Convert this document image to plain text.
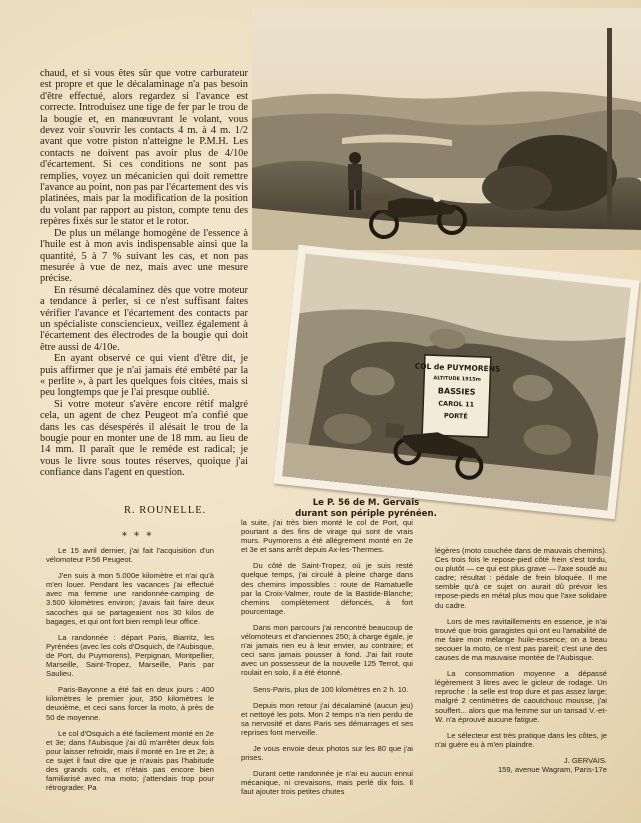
chaud, et si vous êtes sûr que votre carburateur est propre et que le décalaminage n'a pas besoin d'être effectué, alors regardez si l'avance est correcte. Introduisez une tige de fer par le trou de la bougie et, en manœuvrant le volant, vous devez voir s'ouvrir les contacts 4 m. à 4 m. 1/2 avant que votre piston n'atteigne le P.M.H. Les contacts ne doivent pas avoir plus de 4/10e d'écartement. Si ces conditions ne sont pas remplies, voyez un mécanicien qui doit remettre l'avance au point, non pas par l'écartement des vis platinées, mais par la modification de la position du volant par rapport au piston, compte tenu des repères fixés sur le stator et le rotor.

De plus un mélange homogène de l'essence à l'huile est à mon avis indispensable ainsi que la quantité, 5 à 7 % suivant les cas, et non pas mesurée à vue de nez, mais avec une mesure précise.

En résumé décalaminez dès que votre moteur a tendance à perler, si ce n'est suffisant faites vérifier l'avance et l'écartement des contacts par un spécialiste consciencieux, veillez également à l'écartement des électrodes de la bougie qui doit être aussi de 4/10e.

En ayant observé ce qui vient d'être dit, je puis affirmer que je n'ai jamais été embêté par la « perlite », à part les quelques fois citées, mais si peu longtemps que je l'ai presque oublié.

Si votre moteur s'avère encore rétif malgré cela, un agent de chez Peugeot m'a confié que dans les cas désespérés il alésait le trou de la bougie pour en monter une de 18 mm. au lieu de 14 mm. Il paraît que le remède est radical; je vous le livre sous toutes réserves, quoique j'ai confiance dans l'agent en question.

R. ROUNELLE.
COL de PUYMORENS
ALTITUDE 1915m
BASSIES
CAROL 11
PORTÉ
Le P. 56 de M. Gervais
durant son périple pyrénéen.
* * *

Le 15 avril dernier, j'ai fait l'acquisition d'un vélomoteur P.56 Peugeot.

J'en suis à mon 5.000e kilomètre et n'ai qu'à m'en louer. Pendant les vacances j'ai effectué avec ma femme une randonnée-camping de 3.500 kilomètres environ; j'avais fait faire deux sacoches qui se partageaient nos 30 kilos de bagages, et qui ont fort bien rempli leur office.

La randonnée : départ Paris, Biarritz, les Pyrénées (avec les cols d'Osquich, de l'Aubisque, de Port, du Puymorens), Perpignan, Montpellier, Marseille, Saint-Tropez, Marseille, Paris par Saulieu.

Paris-Bayonne a été fait en deux jours : 400 kilomètres le premier jour, 350 kilomètres le deuxième, et ceci sans forcer la moto, à près de 50 de moyenne.

Le col d'Osquich a été facilement monté en 2e et 3e; dans l'Aubisque j'ai dû m'arrêter deux fois pour laisser refroidir, mais il monté en 1re et 2e; à ce sujet il faut dire que je n'avais pas l'habitude des grands cols, et n'étais pas encore bien familiarisé avec ma moto; j'attendais trop pour rétrograder. Pa

la suite, j'ai très bien monté le col de Port, qui pourtant a des fins de virage qui sont de vrais murs. Puymorens a été allégrement monté en 2e et 3e et sans arrêt depuis Ax-les-Thermes.

Du côté de Saint-Tropez, où je suis resté quelque temps, j'ai circulé à pleine charge dans des chemins impossibles : route de Ramatuelle par la Croix-Valmer, route de la Bastide-Blanche; chemins complètement défoncés, à fort pourcentage.

Dans mon parcours j'ai rencontré beaucoup de vélomoteurs et d'anciennes 250; à charge égale, je n'ai jamais rien eu à leur envier, au contraire; et ceci sans jamais pousser à fond. J'ai fait route avec un possesseur de la nouvelle 125 Terrot, qui roulait en solo, il a été étonné.

Sens-Paris, plus de 100 kilomètres en 2 h. 10.

Depuis mon retour j'ai décalaminé (aucun jeu) et nettoyé les pots. Mon 2 temps n'a rien perdu de sa nervosité et dans Paris ses démarrages et ses reprises font merveille.

Je vous envoie deux photos sur les 80 que j'ai prises.

Durant cette randonnée je n'ai eu aucun ennui mécanique, ni crevaisons, mais perlé dix fois. Il faut ajouter trois petites chutes

légères (moto couchée dans de mauvais chemins). Ces trois fois le repose-pied côté frein s'est tordu, ou plutôt — ce qui est plus grave — l'axe soudé au cadre; résultat : pédale de frein bloquée. Il me semble qu'à ce sujet on aurait dû prévoir les repose-pieds en métal plus mou que l'axe solidaire du cadre.

Lors de mes ravitaillements en essence, je n'ai trouvé que trois garagistes qui ont eu l'amabilité de me faire mon mélange huile-essence; on a beau secouer la moto, ce n'est pas pareil; c'est une des causes de ma mauvaise montée de l'Aubisque.

La consommation moyenne a dépassé légèrement 3 litres avec le gicleur de rodage. Un reproche : la selle est trop dure et pas assez large; malgré 2 centimètres de caoutchouc mousse, j'ai souffert... alors que ma femme sur un tansad V.-et-W. n'a éprouvé aucune fatigue.

Le sélecteur est très pratique dans les côtes, je n'ai guère eu à m'en plaindre.

J. GERVAIS.
159, avenue Wagram, Paris-17e
